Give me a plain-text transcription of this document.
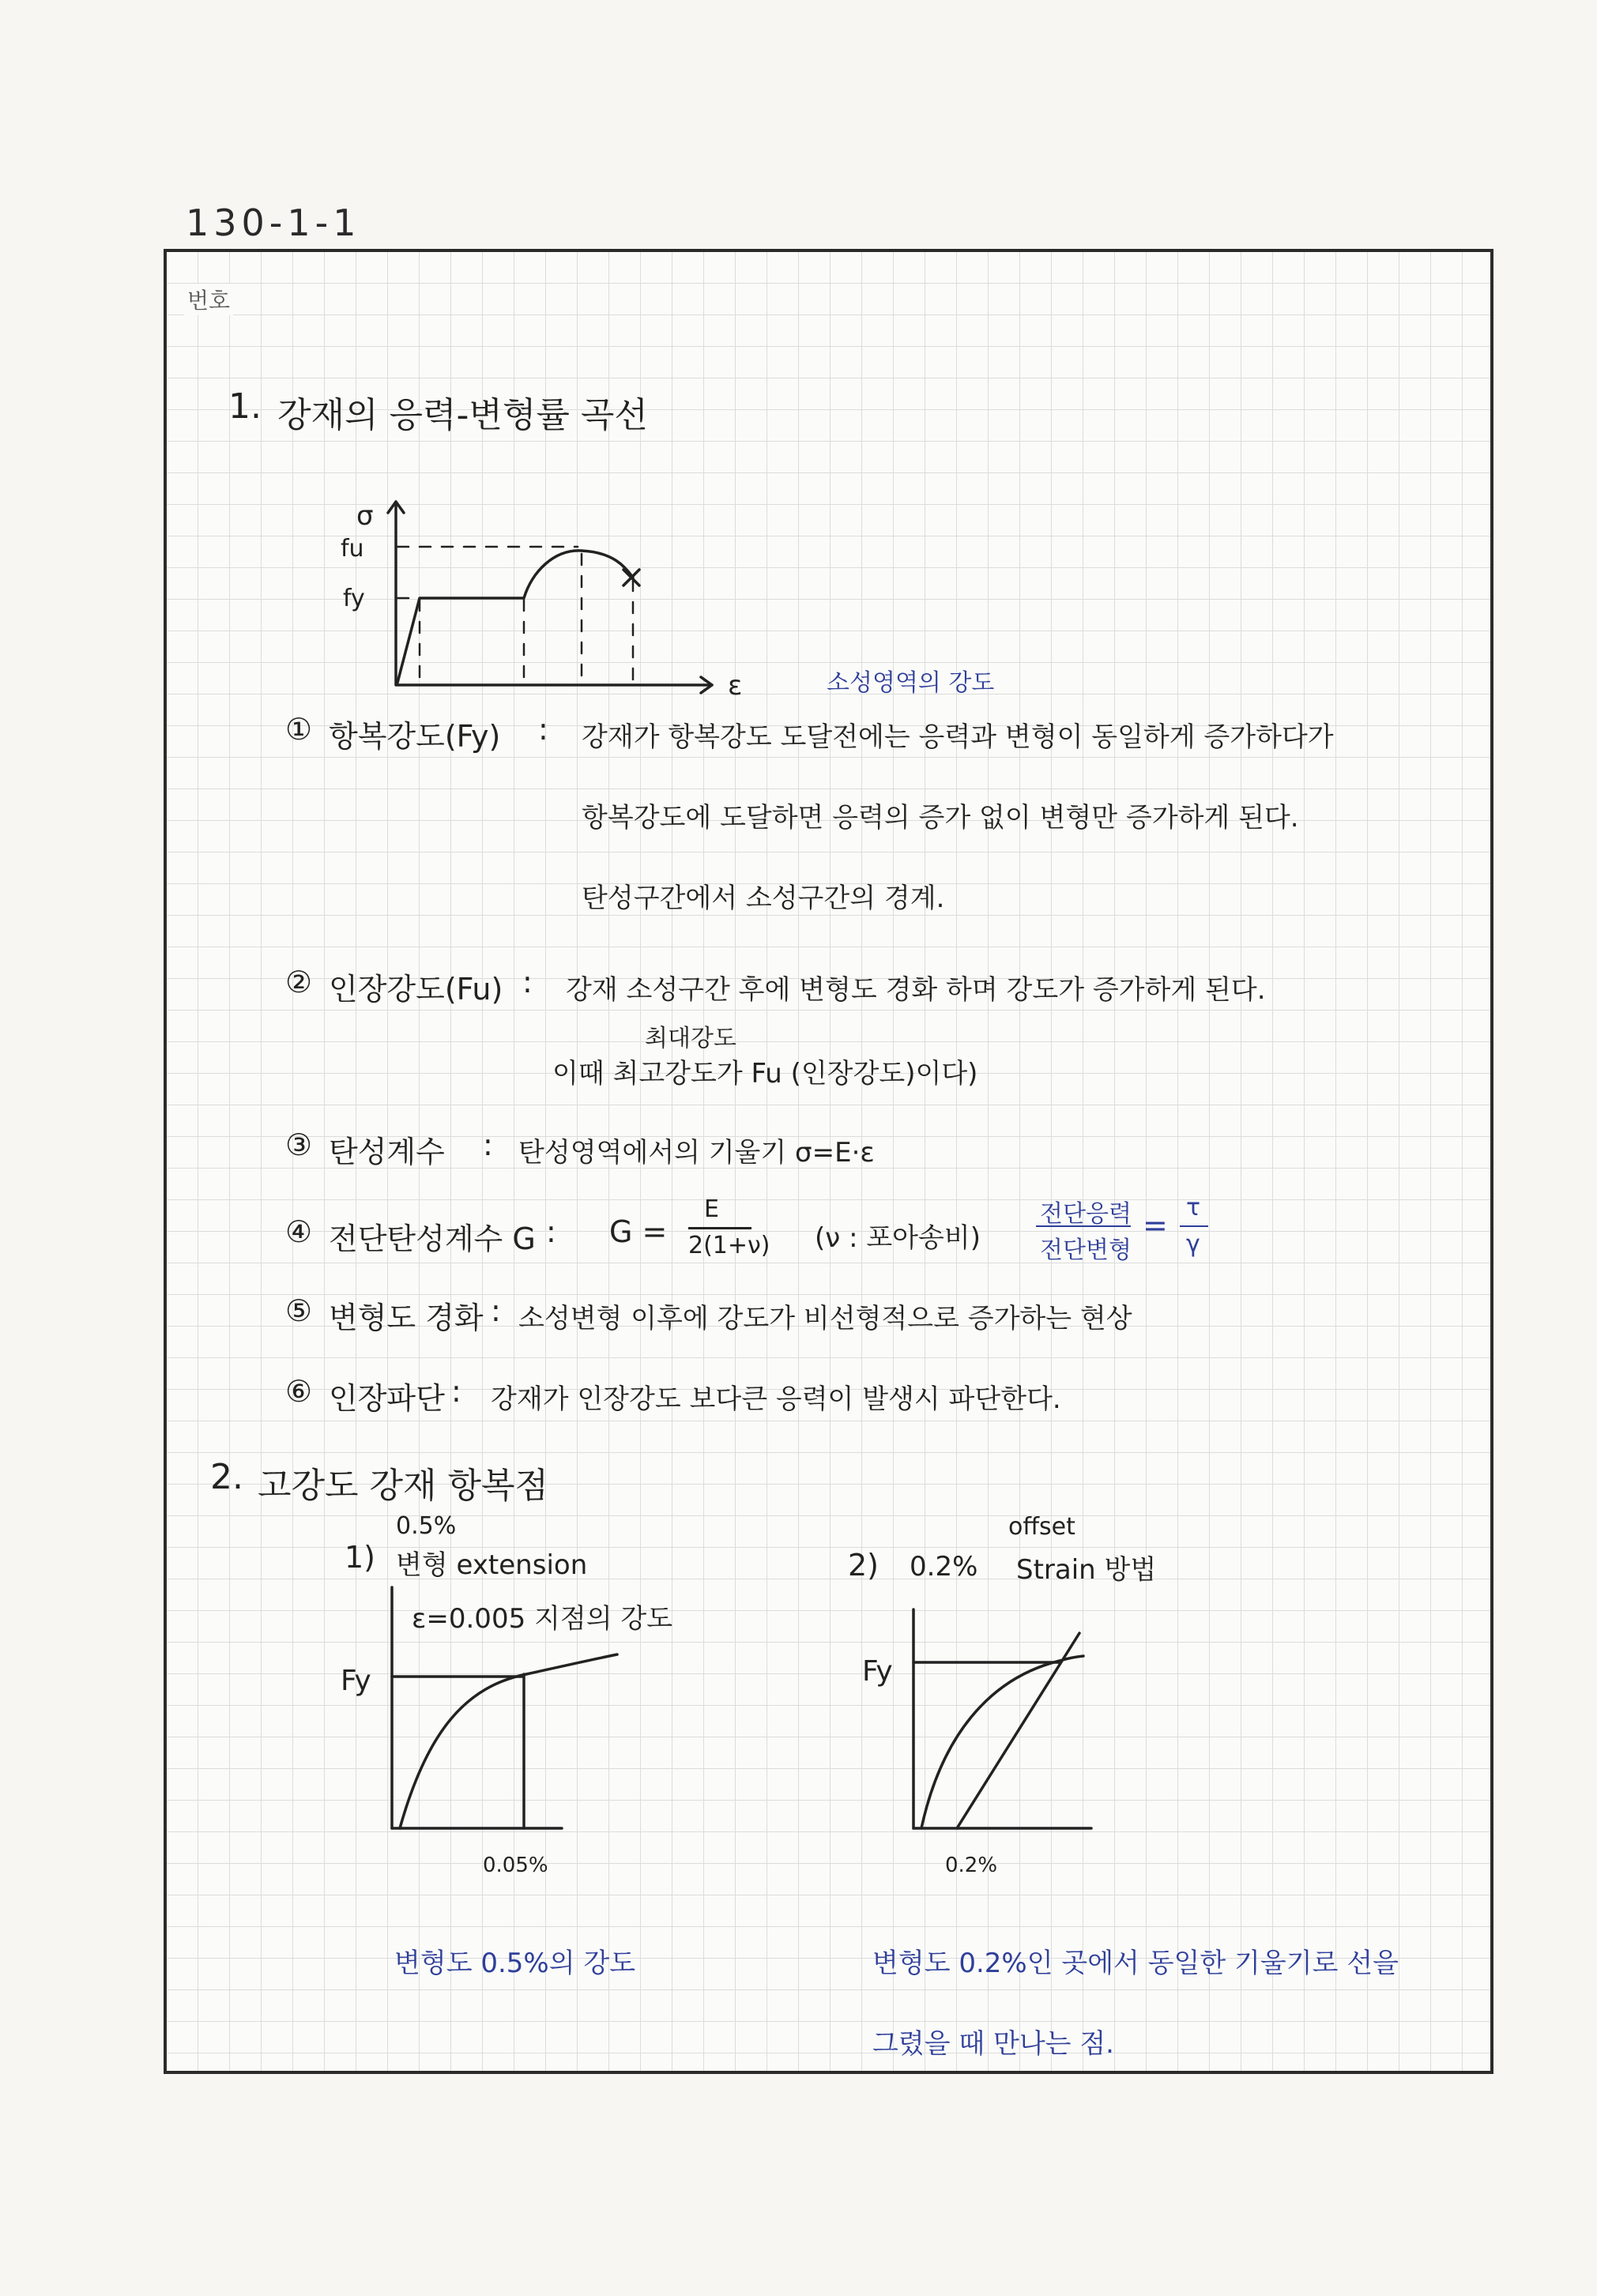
130-1-1
번호
1. 강재의 응력-변형률 곡선
σ
fu
fy
ε	소성영역의 강도
① 항복강도(Fy) : 강재가 항복강도 도달전에는 응력과 변형이 동일하게 증가하다가
항복강도에 도달하면 응력의 증가 없이 변형만 증가하게 된다.
탄성구간에서 소성구간의 경계.
② 인장강도(Fu) : 강재 소성구간 후에 변형도 경화 하며 강도가 증가하게 된다.
최대강도
이때 최고강도가 Fu (인장강도)이다)
③ 탄성계수 : 탄성영역에서의 기울기 σ=E·ε
④ 전단탄성계수 G : G =
E
2(1+ν) (ν : 포아송비)
전단응력
전단변형
=
τ
γ
⑤ 변형도 경화 : 소성변형 이후에 강도가 비선형적으로 증가하는 현상
⑥ 인장파단 : 강재가 인장강도 보다큰 응력이 발생시 파단한다.
2. 고강도 강재 항복점
1)
0.5%
변형 extension
ε=0.005 지점의 강도
2) 0.2%
offset
Strain 방법
Fy
0.05%
Fy
0.2%
변형도 0.5%의 강도	변형도 0.2%인 곳에서 동일한 기울기로 선을
그렸을 때 만나는 점.
